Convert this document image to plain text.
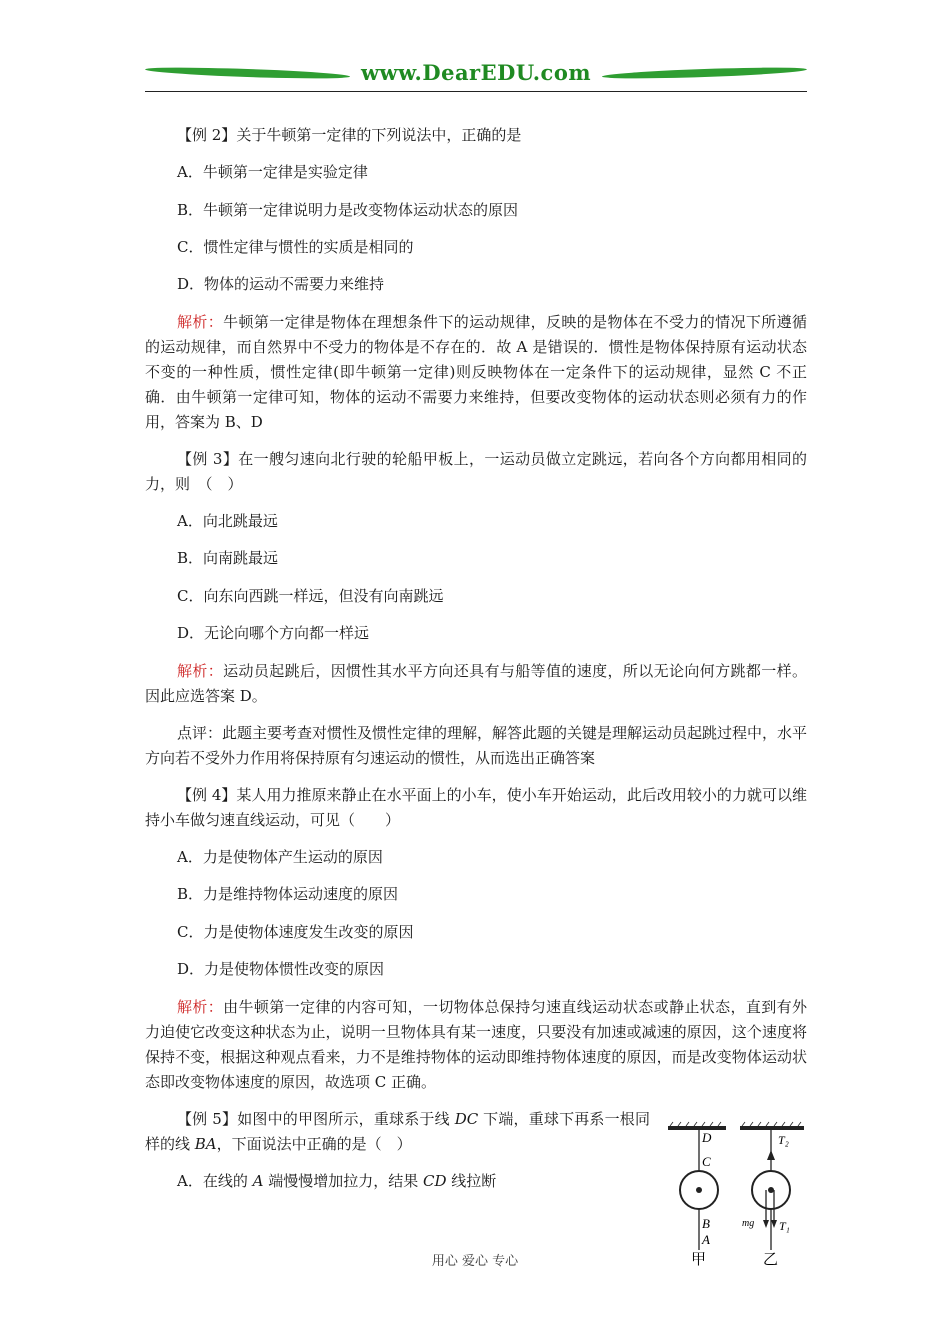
www.DearEDU.com

【例 2】关于牛顿第一定律的下列说法中，正确的是

A．牛顿第一定律是实验定律

B．牛顿第一定律说明力是改变物体运动状态的原因

C．惯性定律与惯性的实质是相同的

D．物体的运动不需要力来维持

解析：牛顿第一定律是物体在理想条件下的运动规律，反映的是物体在不受力的情况下所遵循的运动规律，而自然界中不受力的物体是不存在的．故 A 是错误的．惯性是物体保持原有运动状态不变的一种性质，惯性定律(即牛顿第一定律)则反映物体在一定条件下的运动规律，显然 C 不正确．由牛顿第一定律可知，物体的运动不需要力来维持，但要改变物体的运动状态则必须有力的作用，答案为 B、D

【例 3】在一艘匀速向北行驶的轮船甲板上，一运动员做立定跳远，若向各个方向都用相同的力，则　（　）

A．向北跳最远

B．向南跳最远

C．向东向西跳一样远，但没有向南跳远

D．无论向哪个方向都一样远

解析：运动员起跳后，因惯性其水平方向还具有与船等值的速度，所以无论向何方跳都一样。因此应选答案 D。

点评：此题主要考查对惯性及惯性定律的理解，解答此题的关键是理解运动员起跳过程中，水平方向若不受外力作用将保持原有匀速运动的惯性，从而选出正确答案

【例 4】某人用力推原来静止在水平面上的小车，使小车开始运动，此后改用较小的力就可以维持小车做匀速直线运动，可见（　　）

A．力是使物体产生运动的原因

B．力是维持物体运动速度的原因

C．力是使物体速度发生改变的原因

D．力是使物体惯性改变的原因

解析：由牛顿第一定律的内容可知，一切物体总保持匀速直线运动状态或静止状态，直到有外力迫使它改变这种状态为止，说明一旦物体具有某一速度，只要没有加速或减速的原因，这个速度将保持不变，根据这种观点看来，力不是维持物体的运动即维持物体速度的原因，而是改变物体运动状态即改变物体速度的原因，故选项 C 正确。

【例 5】如图中的甲图所示，重球系于线 DC 下端，重球下再系一根同样的线 BA，下面说法中正确的是（　）

A．在线的 A 端慢慢增加拉力，结果 CD 线拉断

D
C
B
A
甲
T₂
mg T₁
乙
用心 爱心 专心
